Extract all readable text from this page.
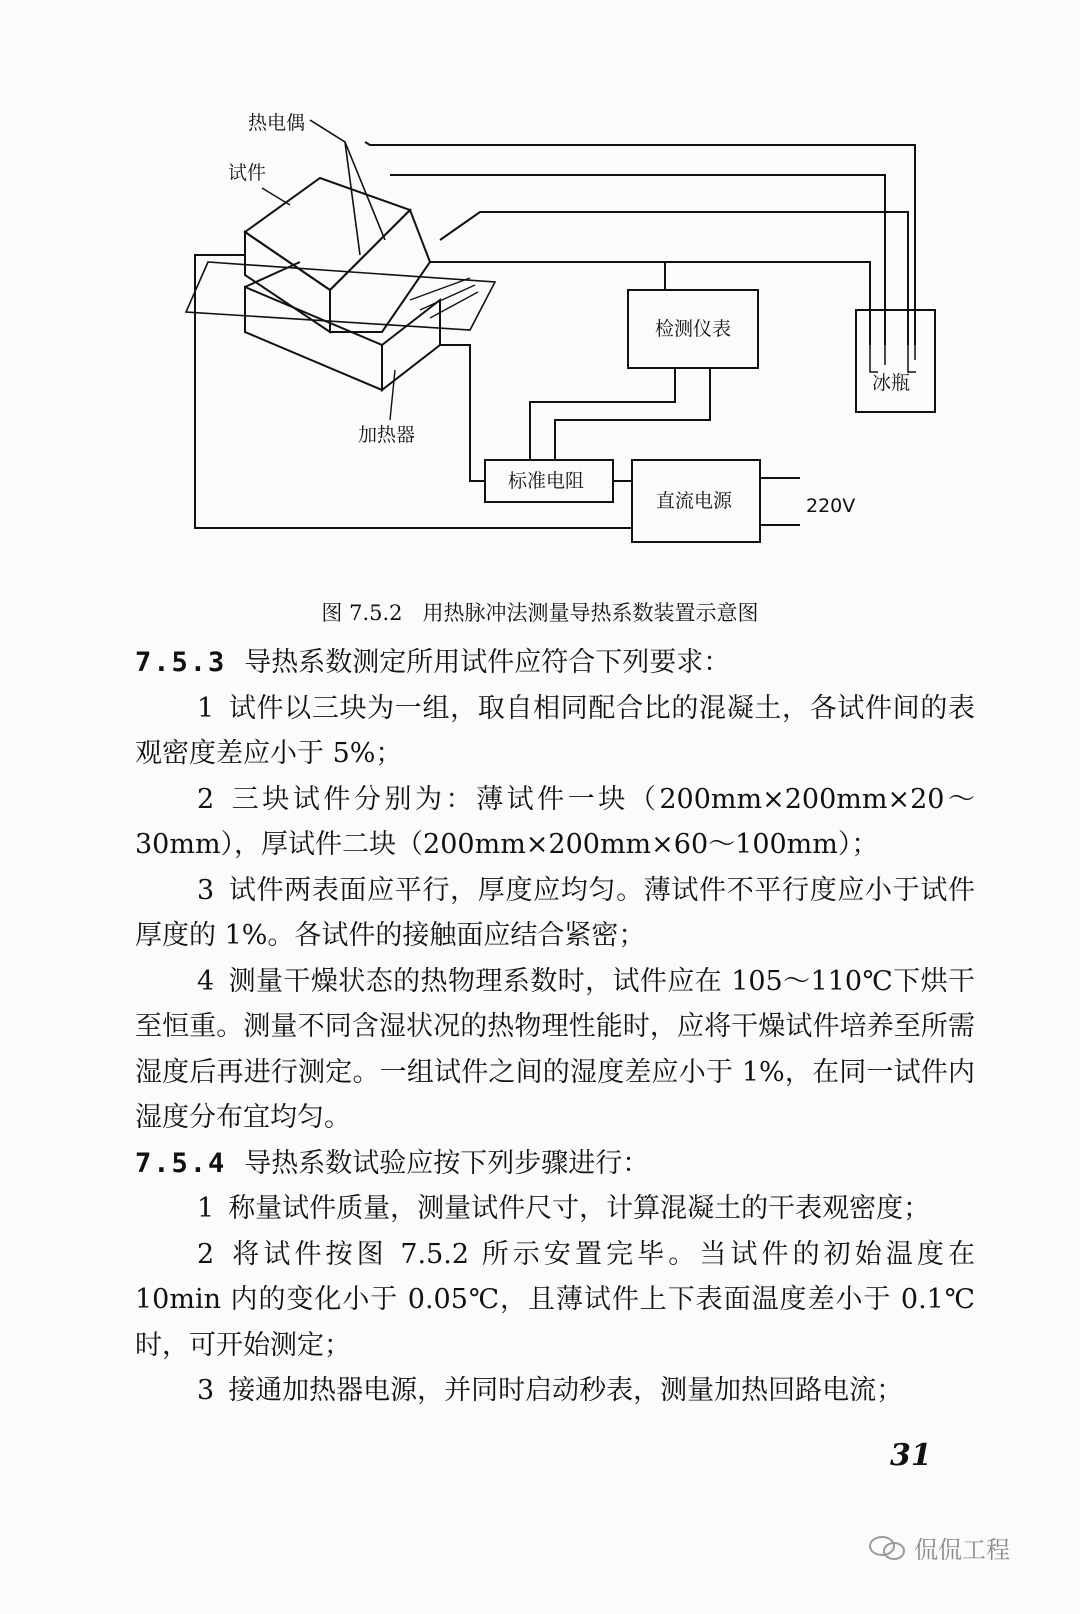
热电偶
试件
加热器
检测仪表
冰瓶
标准电阻
直流电源	220V
图 7.5.2   用热脉冲法测量导热系数装置示意图

7.5.3 导热系数测定所用试件应符合下列要求：

1 试件以三块为一组，取自相同配合比的混凝土，各试件间的表观密度差应小于 5%；

2 三块试件分别为：薄试件一块（200mm×200mm×20～30mm），厚试件二块（200mm×200mm×60～100mm）；

3 试件两表面应平行，厚度应均匀。薄试件不平行度应小于试件厚度的 1%。各试件的接触面应结合紧密；

4 测量干燥状态的热物理系数时，试件应在 105～110℃下烘干至恒重。测量不同含湿状况的热物理性能时，应将干燥试件培养至所需湿度后再进行测定。一组试件之间的湿度差应小于 1%，在同一试件内湿度分布宜均匀。

7.5.4 导热系数试验应按下列步骤进行：

1 称量试件质量，测量试件尺寸，计算混凝土的干表观密度；

2 将试件按图 7.5.2 所示安置完毕。当试件的初始温度在 10min 内的变化小于 0.05℃，且薄试件上下表面温度差小于 0.1℃时，可开始测定；

3 接通加热器电源，并同时启动秒表，测量加热回路电流；

31
侃侃工程
